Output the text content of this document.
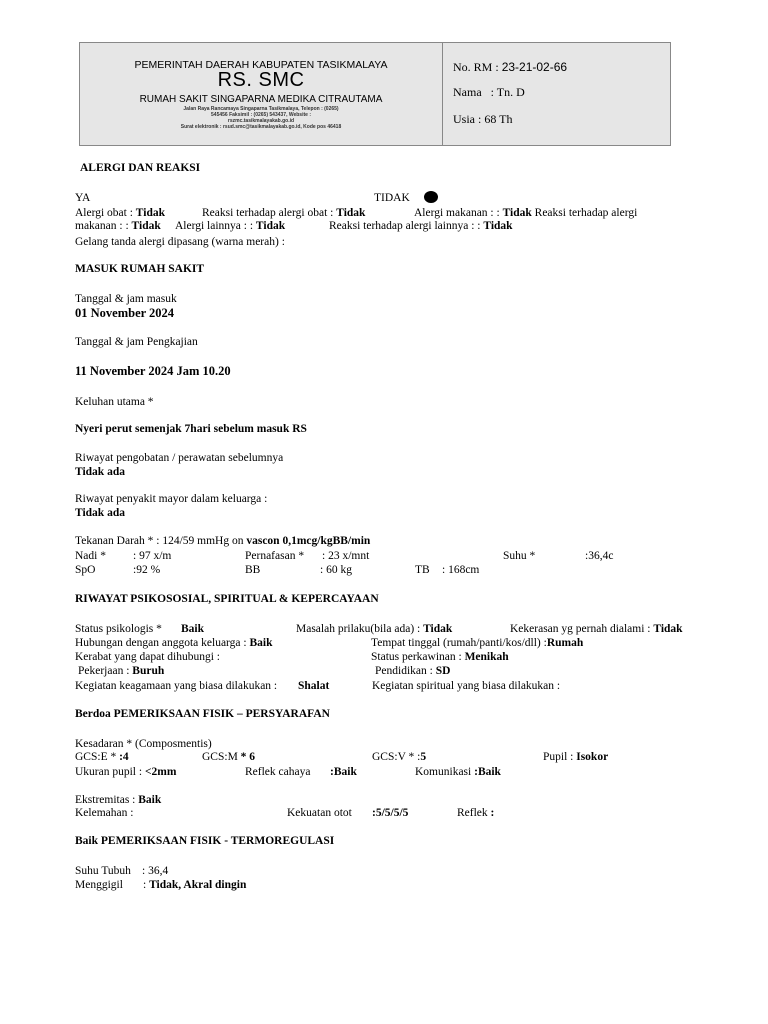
PEMERINTAH DAERAH KABUPATEN TASIKMALAYA
RS. SMC
RUMAH SAKIT SINGAPARNA MEDIKA CITRAUTAMA
Jalan Raya Rancamaya Singaparna Tasikmalaya, Telepon : (0265)
545456 Faksimil : (0265) 543437, Website :
rszmc.tasikmalayakab.go.id
Surat elektronik : rsud.smc@tasikmalayakab.go.id, Kode pos 46418
No. RM : 23-21-02-66
Nama : Tn. D
Usia : 68 Th
ALERGI DAN REAKSI
YA	TIDAK
Alergi obat : Tidak	Reaksi terhadap alergi obat : Tidak	Alergi makanan : : Tidak Reaksi terhadap alergi
makanan : : Tidak Alergi lainnya : : Tidak	Reaksi terhadap alergi lainnya : : Tidak
Gelang tanda alergi dipasang (warna merah) :
MASUK RUMAH SAKIT
Tanggal & jam masuk
01 November 2024
Tanggal & jam Pengkajian
11 November 2024 Jam 10.20
Keluhan utama *
Nyeri perut semenjak 7hari sebelum masuk RS
Riwayat pengobatan / perawatan sebelumnya
Tidak ada
Riwayat penyakit mayor dalam keluarga :
Tidak ada
Tekanan Darah * : 124/59 mmHg on vascon 0,1mcg/kgBB/min
Nadi * : 97 x/m	Pernafasan * : 23 x/mnt	Suhu *	:36,4c
SpO	:92 %	BB	: 60 kg	TB : 168cm
RIWAYAT PSIKOSOSIAL, SPIRITUAL & KEPERCAYAAN
Status psikologis * Baik	Masalah prilaku(bila ada) : Tidak	Kekerasan yg pernah dialami : Tidak
Hubungan dengan anggota keluarga : Baik	Tempat tinggal (rumah/panti/kos/dll) :Rumah
Kerabat yang dapat dihubungi :	Status perkawinan : Menikah
Pekerjaan : Buruh	Pendidikan : SD
Kegiatan keagamaan yang biasa dilakukan : Shalat	Kegiatan spiritual yang biasa dilakukan :
Berdoa PEMERIKSAAN FISIK – PERSYARAFAN
Kesadaran * (Composmentis)
GCS:E * :4	GCS:M * 6	GCS:V * :5	Pupil : Isokor
Ukuran pupil : <2mm	Reflek cahaya :Baik	Komunikasi :Baik
Ekstremitas : Baik
Kelemahan :	Kekuatan otot :5/5/5/5	Reflek :
Baik PEMERIKSAAN FISIK - TERMOREGULASI
Suhu Tubuh : 36,4
Menggigil : Tidak, Akral dingin
